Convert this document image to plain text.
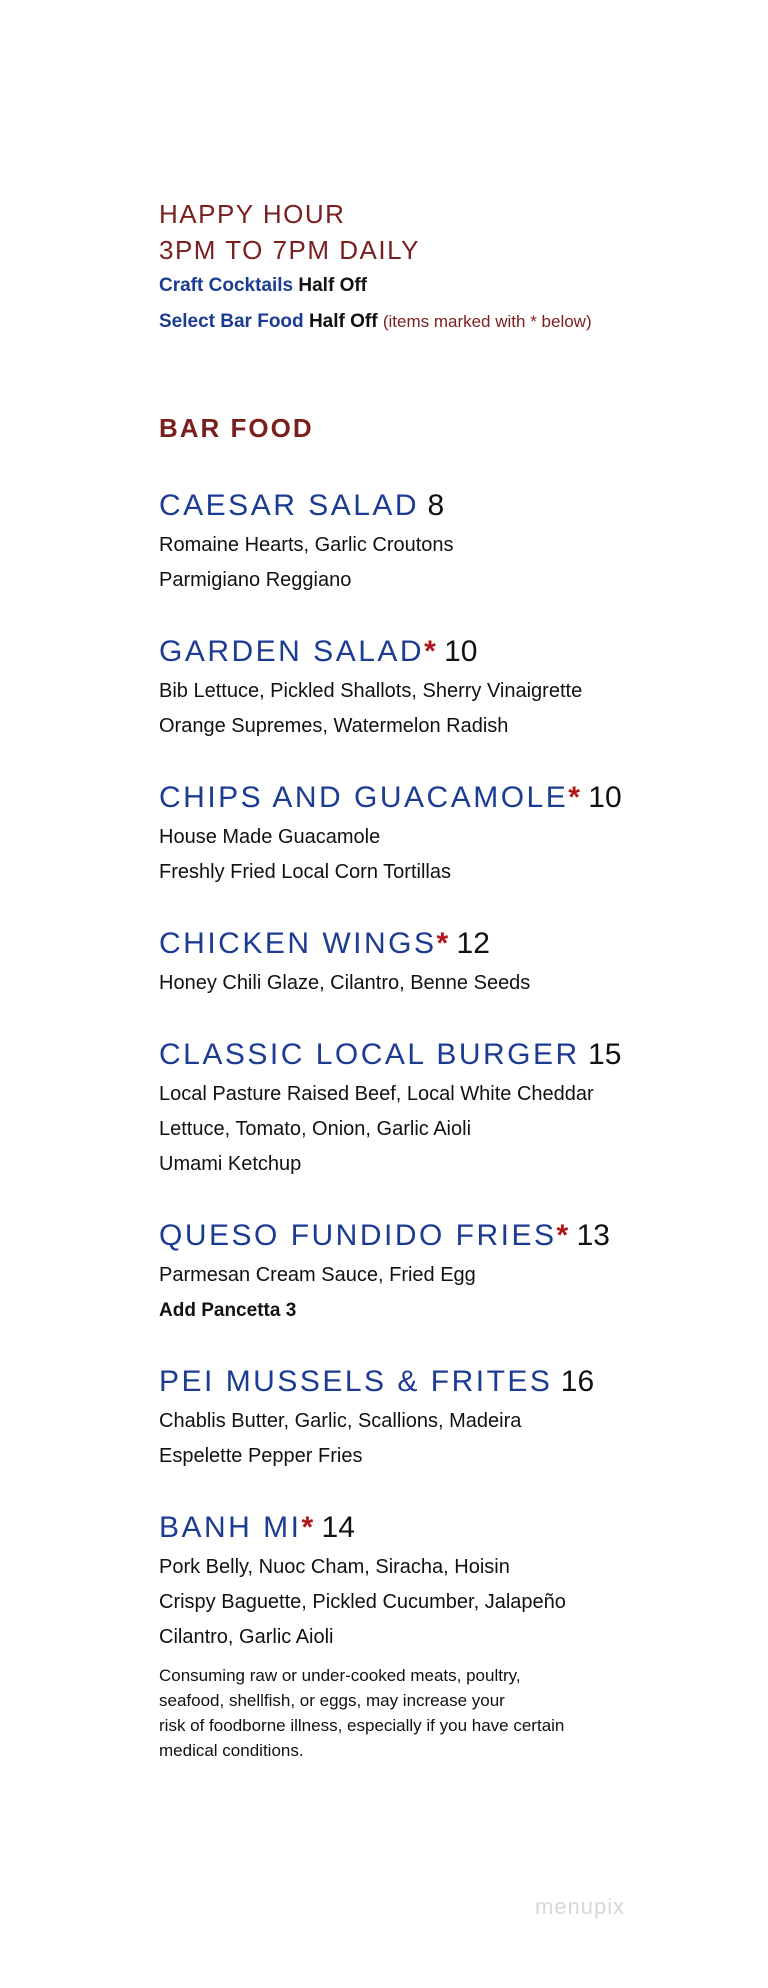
HAPPY HOUR

3PM TO 7PM DAILY

Craft Cocktails Half Off

Select Bar Food Half Off (items marked with * below)

BAR FOOD

CAESAR SALAD 8

Romaine Hearts, Garlic Croutons

Parmigiano Reggiano

GARDEN SALAD* 10

Bib Lettuce, Pickled Shallots, Sherry Vinaigrette

Orange Supremes, Watermelon Radish

CHIPS AND GUACAMOLE* 10

House Made Guacamole

Freshly Fried Local Corn Tortillas

CHICKEN WINGS* 12

Honey Chili Glaze, Cilantro, Benne Seeds

CLASSIC LOCAL BURGER 15

Local Pasture Raised Beef, Local White Cheddar

Lettuce, Tomato, Onion, Garlic Aioli

Umami Ketchup

QUESO FUNDIDO FRIES* 13

Parmesan Cream Sauce, Fried Egg

Add Pancetta 3

PEI MUSSELS & FRITES 16

Chablis Butter, Garlic, Scallions, Madeira

Espelette Pepper Fries

BANH MI* 14

Pork Belly, Nuoc Cham, Siracha, Hoisin

Crispy Baguette, Pickled Cucumber, Jalapeño

Cilantro, Garlic Aioli

Consuming raw or under-cooked meats, poultry,
seafood, shellfish, or eggs, may increase your
risk of foodborne illness, especially if you have certain
medical conditions.
menupix
